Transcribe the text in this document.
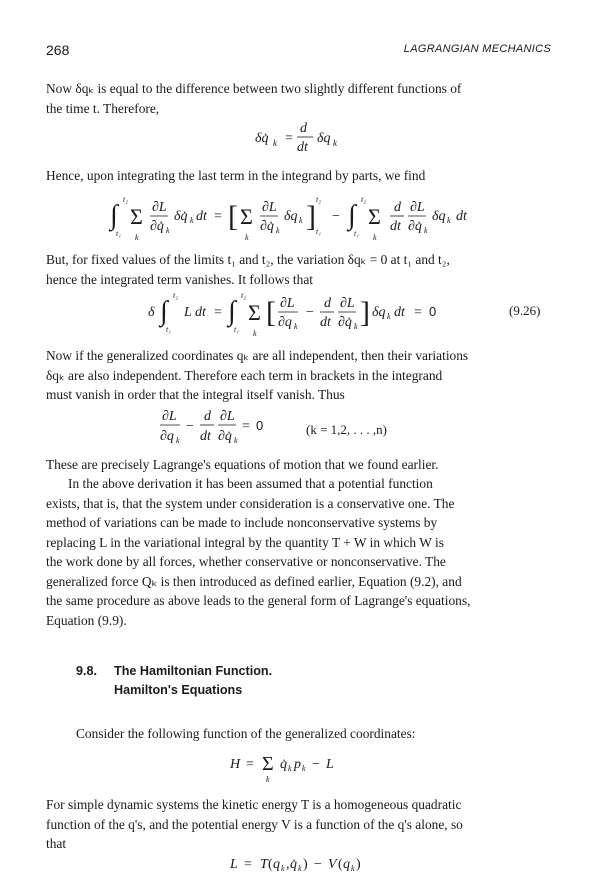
268	LAGRANGIAN MECHANICS

Now δqₖ is equal to the difference between two slightly different functions of
the time t. Therefore,

δq̇ k =
d
dt
δq k

Hence, upon integrating the last term in the integrand by parts, we find

∫
t₂
t₁
Σ
k
∂L
∂q̇ k
δq̇ k dt = [ Σ
k
∂L
∂q̇ k
δq k ]
t₂
t₁
− ∫
t₂
t₁
Σ
k
d
dt
∂L
∂q̇ k
δq k dt

But, for fixed values of the limits t₁ and t₂, the variation δqₖ = 0 at t₁ and t₂,
hence the integrated term vanishes. It follows that

δ ∫
t₂
t₁
L dt = ∫
t₂
t₁
Σ
k
[ ∂L
∂q k
−
d
dt
∂L
∂q̇ k ] δq k dt = 0	(9.26)

Now if the generalized coordinates qₖ are all independent, then their variations
δqₖ are also independent. Therefore each term in brackets in the integrand
must vanish in order that the integral itself vanish. Thus

∂L
∂q k
−
d
dt
∂L
∂q̇ k
= 0	(k = 1,2, . . . ,n)

These are precisely Lagrange's equations of motion that we found earlier.

In the above derivation it has been assumed that a potential function
exists, that is, that the system under consideration is a conservative one. The
method of variations can be made to include nonconservative systems by
replacing L in the variational integral by the quantity T + W in which W is
the work done by all forces, whether conservative or nonconservative. The
generalized force Qₖ is then introduced as defined earlier, Equation (9.2), and
the same procedure as above leads to the general form of Lagrange's equations,
Equation (9.9).

9.8. The Hamiltonian Function.
Hamilton's Equations

Consider the following function of the generalized coordinates:

H = Σ
k
q̇ k p k − L

For simple dynamic systems the kinetic energy T is a homogeneous quadratic
function of the q's, and the potential energy V is a function of the q's alone, so
that

L = T ( q k , q̇ k ) − V ( q k )
